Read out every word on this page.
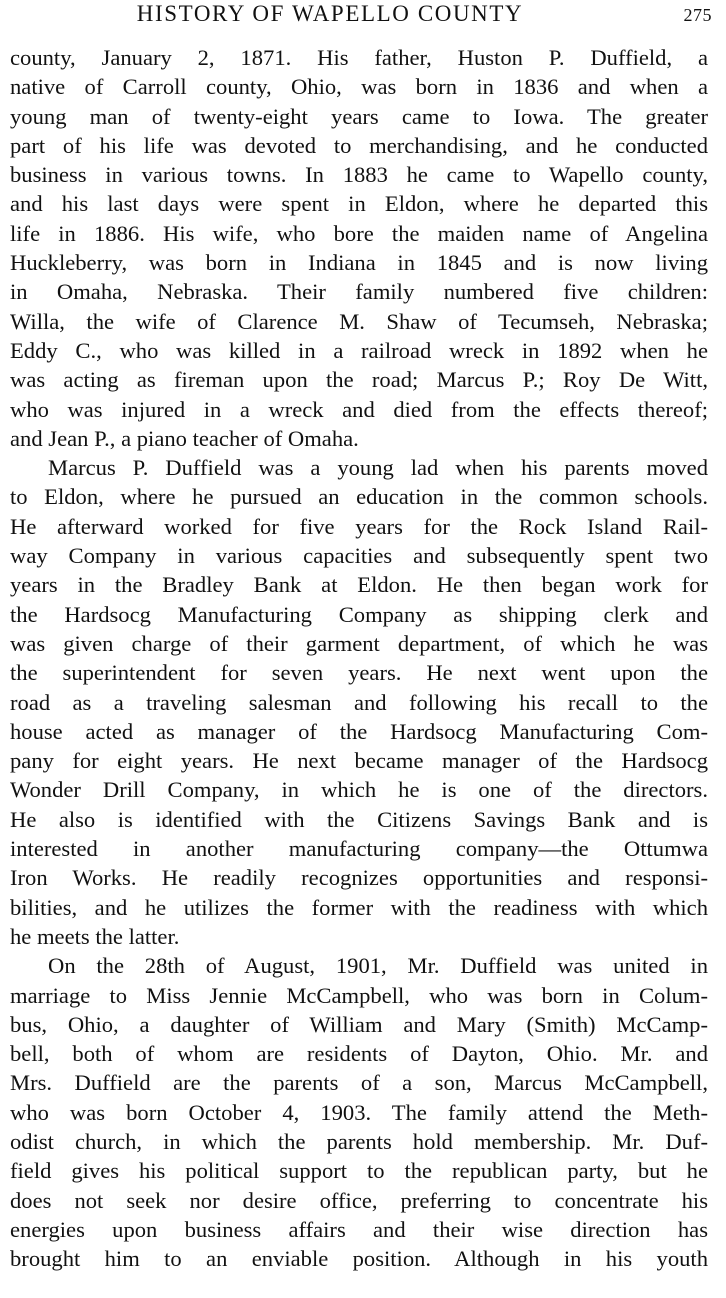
HISTORY OF WAPELLO COUNTY	275
county, January 2, 1871. His father, Huston P. Duffield, a
native of Carroll county, Ohio, was born in 1836 and when a
young man of twenty-eight years came to Iowa. The greater
part of his life was devoted to merchandising, and he conducted
business in various towns. In 1883 he came to Wapello county,
and his last days were spent in Eldon, where he departed this
life in 1886. His wife, who bore the maiden name of Angelina
Huckleberry, was born in Indiana in 1845 and is now living
in Omaha, Nebraska. Their family numbered five children:
Willa, the wife of Clarence M. Shaw of Tecumseh, Nebraska;
Eddy C., who was killed in a railroad wreck in 1892 when he
was acting as fireman upon the road; Marcus P.; Roy De Witt,
who was injured in a wreck and died from the effects thereof;
and Jean P., a piano teacher of Omaha.
Marcus P. Duffield was a young lad when his parents moved
to Eldon, where he pursued an education in the common schools.
He afterward worked for five years for the Rock Island Rail-
way Company in various capacities and subsequently spent two
years in the Bradley Bank at Eldon. He then began work for
the Hardsocg Manufacturing Company as shipping clerk and
was given charge of their garment department, of which he was
the superintendent for seven years. He next went upon the
road as a traveling salesman and following his recall to the
house acted as manager of the Hardsocg Manufacturing Com-
pany for eight years. He next became manager of the Hardsocg
Wonder Drill Company, in which he is one of the directors.
He also is identified with the Citizens Savings Bank and is
interested in another manufacturing company—the Ottumwa
Iron Works. He readily recognizes opportunities and responsi-
bilities, and he utilizes the former with the readiness with which
he meets the latter.
On the 28th of August, 1901, Mr. Duffield was united in
marriage to Miss Jennie McCampbell, who was born in Colum-
bus, Ohio, a daughter of William and Mary (Smith) McCamp-
bell, both of whom are residents of Dayton, Ohio. Mr. and
Mrs. Duffield are the parents of a son, Marcus McCampbell,
who was born October 4, 1903. The family attend the Meth-
odist church, in which the parents hold membership. Mr. Duf-
field gives his political support to the republican party, but he
does not seek nor desire office, preferring to concentrate his
energies upon business affairs and their wise direction has
brought him to an enviable position. Although in his youth
